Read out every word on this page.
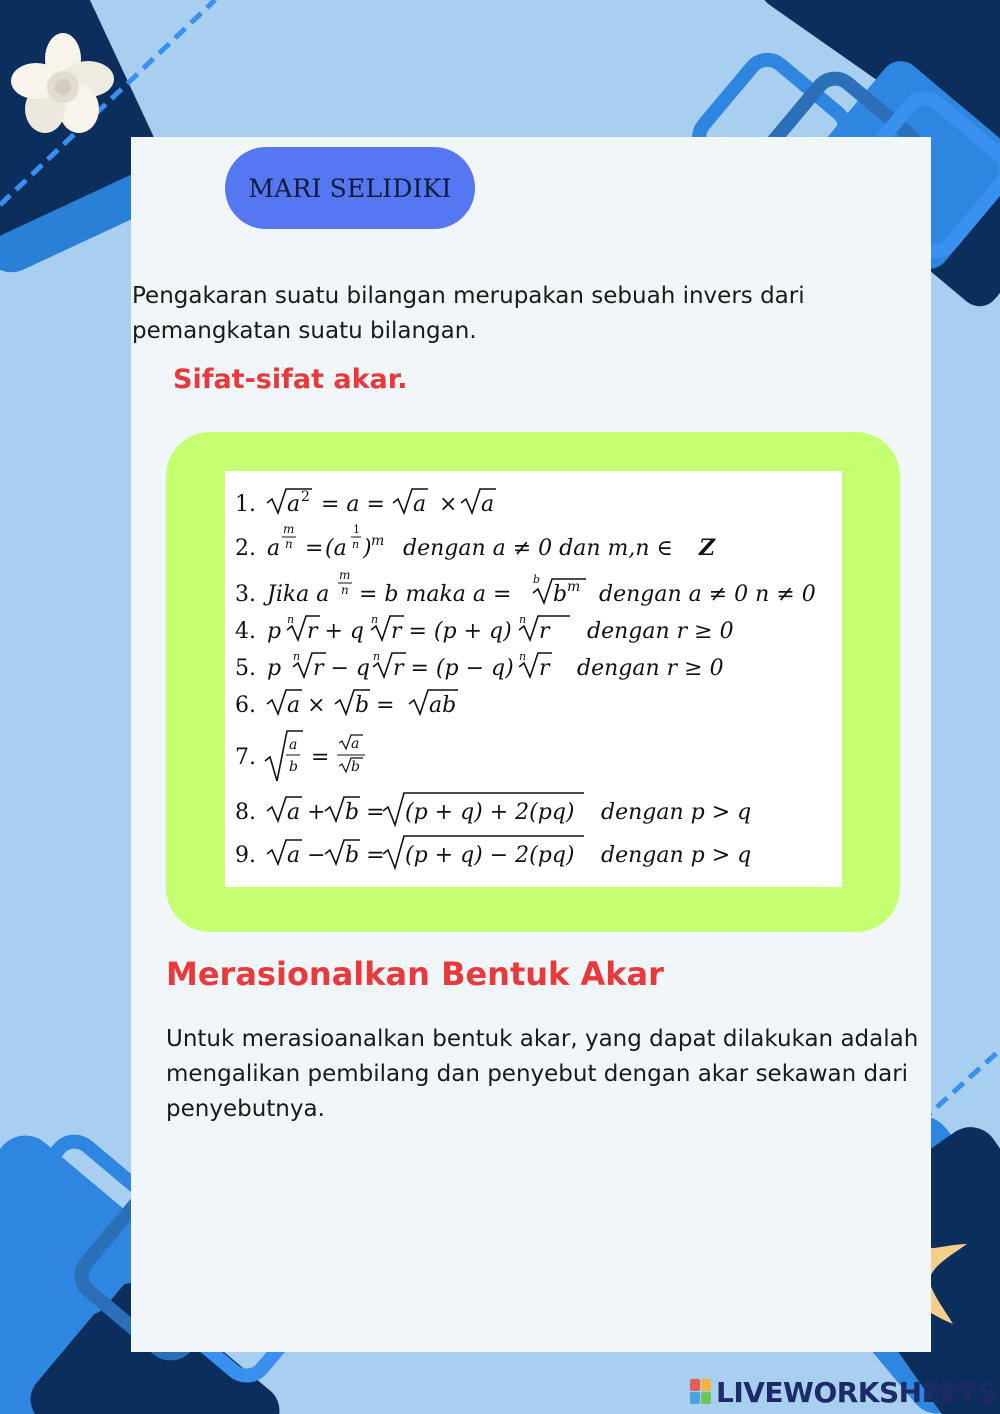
MARI SELIDIKI
Pengakaran suatu bilangan merupakan sebuah invers dari pemangkatan suatu bilangan.
Sifat-sifat akar.
1. a 2 = a = a × a
2. a
m
n = (a
1
n ) m dengan a ≠ 0 dan m,n ∈ Z
3. Jika a
m
n = b maka a =
b
b m dengan a ≠ 0 n ≠ 0
4. p n r + q n r = (p + q) n r dengan r ≥ 0
5. p n r − q n r = (p − q) n r dengan r ≥ 0
6. a × b = ab
7. a
b =
a
b
8. a + b = (p + q) + 2(pq) dengan p > q
9. a − b = (p + q) − 2(pq) dengan p > q
Merasionalkan Bentuk Akar
Untuk merasioanalkan bentuk akar, yang dapat dilakukan adalah mengalikan pembilang dan penyebut dengan akar sekawan dari penyebutnya.
LIVEWORKSHEETS
